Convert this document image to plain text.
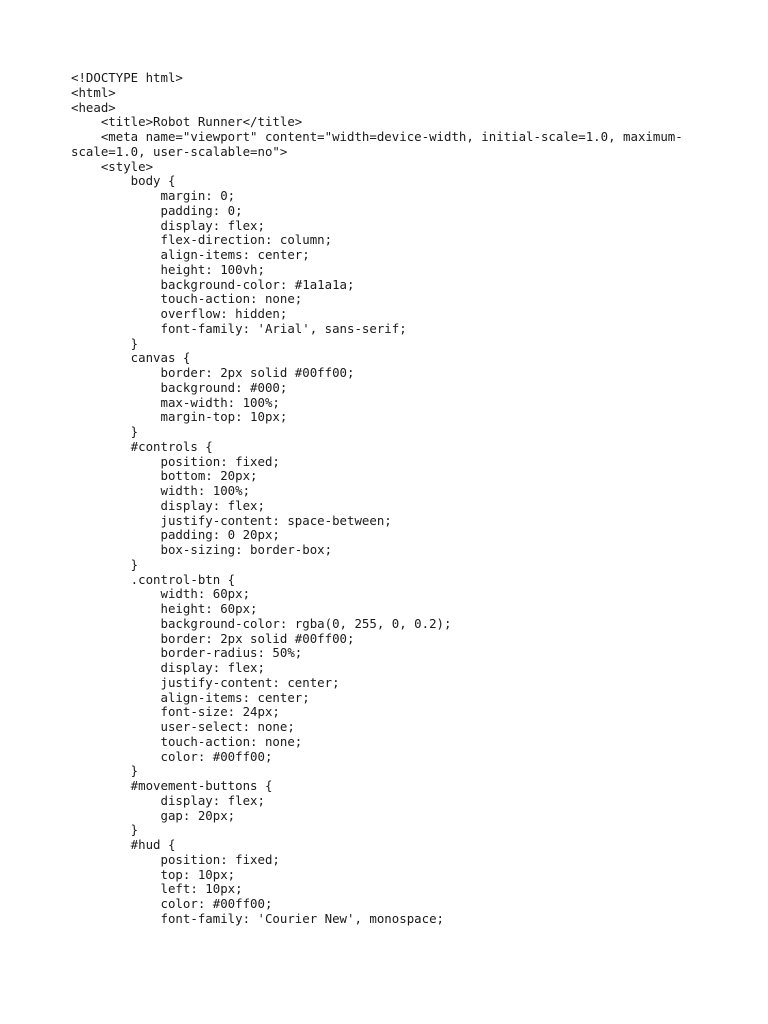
<!DOCTYPE html>
<html>
<head>
<title>Robot Runner</title>
<meta name="viewport" content="width=device-width, initial-scale=1.0, maximum-
scale=1.0, user-scalable=no">
<style>
body {
margin: 0;
padding: 0;
display: flex;
flex-direction: column;
align-items: center;
height: 100vh;
background-color: #1a1a1a;
touch-action: none;
overflow: hidden;
font-family: 'Arial', sans-serif;
}
canvas {
border: 2px solid #00ff00;
background: #000;
max-width: 100%;
margin-top: 10px;
}
#controls {
position: fixed;
bottom: 20px;
width: 100%;
display: flex;
justify-content: space-between;
padding: 0 20px;
box-sizing: border-box;
}
.control-btn {
width: 60px;
height: 60px;
background-color: rgba(0, 255, 0, 0.2);
border: 2px solid #00ff00;
border-radius: 50%;
display: flex;
justify-content: center;
align-items: center;
font-size: 24px;
user-select: none;
touch-action: none;
color: #00ff00;
}
#movement-buttons {
display: flex;
gap: 20px;
}
#hud {
position: fixed;
top: 10px;
left: 10px;
color: #00ff00;
font-family: 'Courier New', monospace;
